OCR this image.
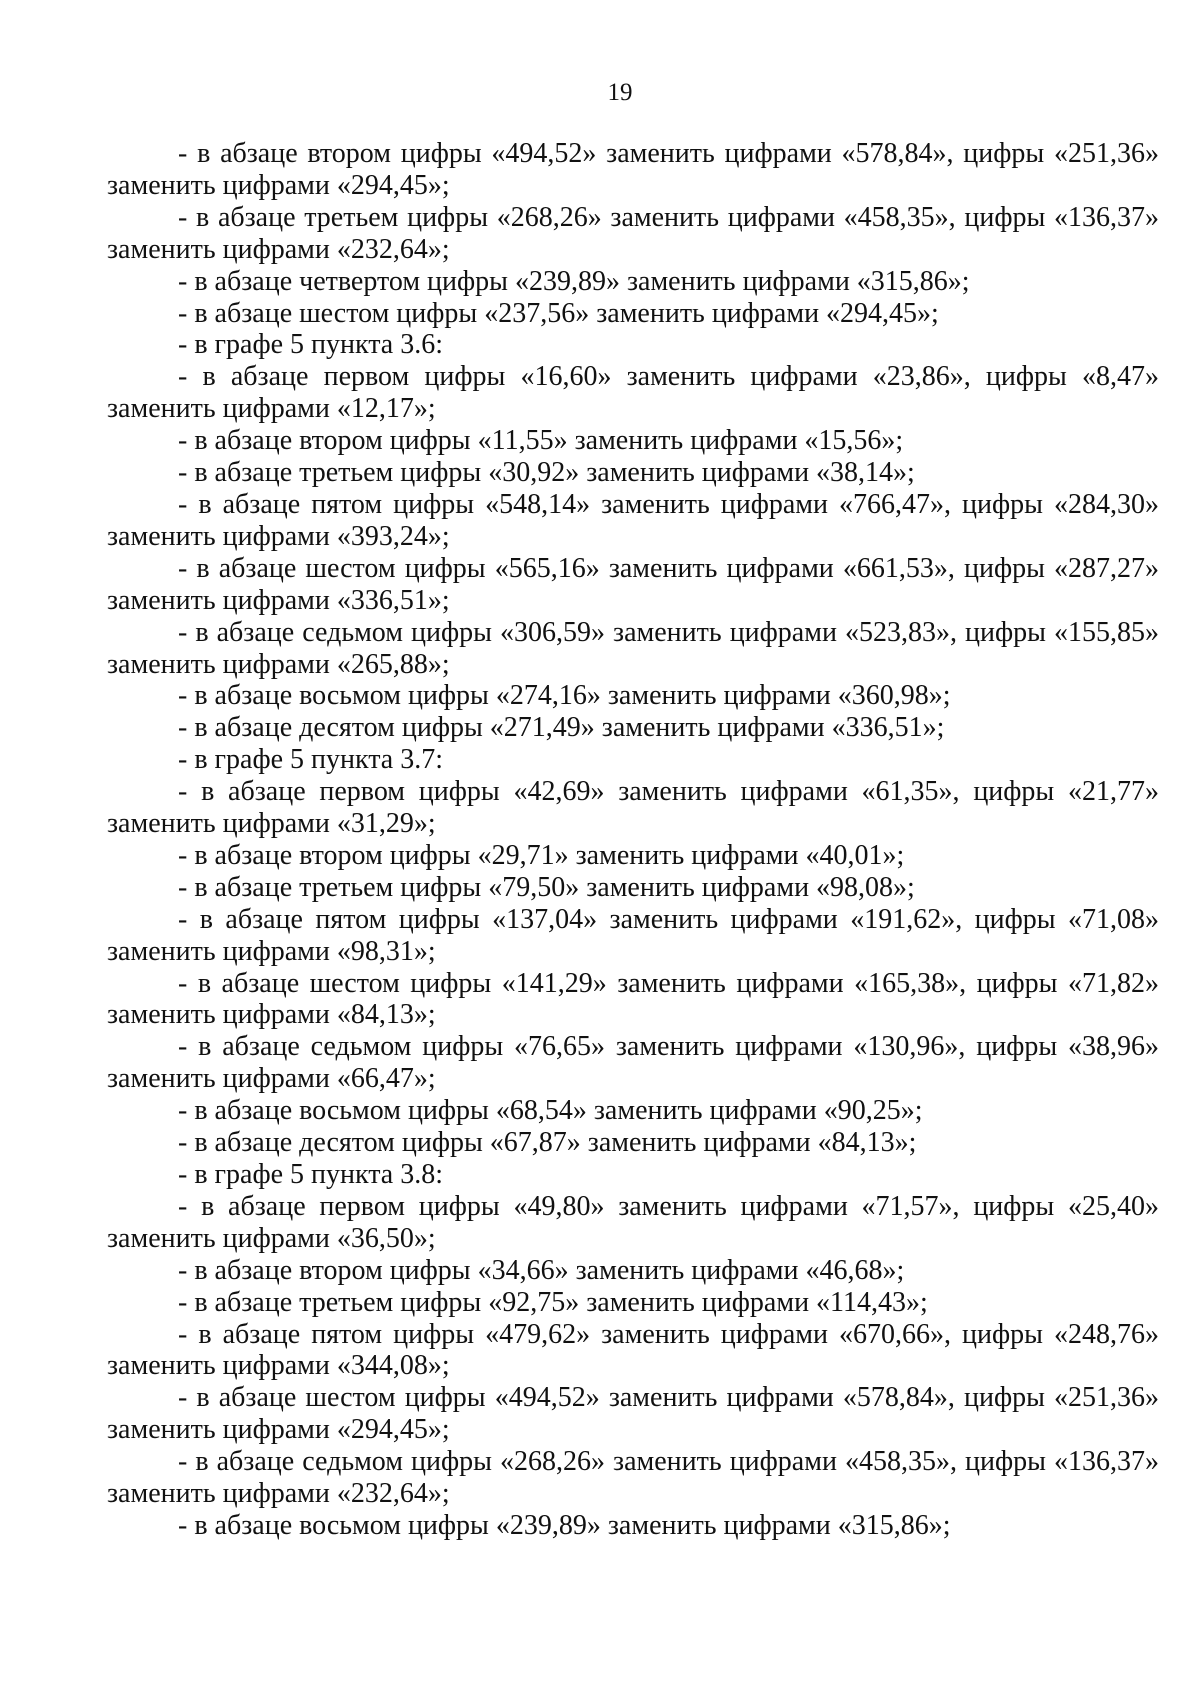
19

- в абзаце втором цифры «494,52» заменить цифрами «578,84», цифры «251,36» заменить цифрами «294,45»;

- в абзаце третьем цифры «268,26» заменить цифрами «458,35», цифры «136,37» заменить цифрами «232,64»;

- в абзаце четвертом цифры «239,89» заменить цифрами «315,86»;

- в абзаце шестом цифры «237,56» заменить цифрами «294,45»;

- в графе 5 пункта 3.6:

- в абзаце первом цифры «16,60» заменить цифрами «23,86», цифры «8,47» заменить цифрами «12,17»;

- в абзаце втором цифры «11,55» заменить цифрами «15,56»;

- в абзаце третьем цифры «30,92» заменить цифрами «38,14»;

- в абзаце пятом цифры «548,14» заменить цифрами «766,47», цифры «284,30» заменить цифрами «393,24»;

- в абзаце шестом цифры «565,16» заменить цифрами «661,53», цифры «287,27» заменить цифрами «336,51»;

- в абзаце седьмом цифры «306,59» заменить цифрами «523,83», цифры «155,85» заменить цифрами «265,88»;

- в абзаце восьмом цифры «274,16» заменить цифрами «360,98»;

- в абзаце десятом цифры «271,49» заменить цифрами «336,51»;

- в графе 5 пункта 3.7:

- в абзаце первом цифры «42,69» заменить цифрами «61,35», цифры «21,77» заменить цифрами «31,29»;

- в абзаце втором цифры «29,71» заменить цифрами «40,01»;

- в абзаце третьем цифры «79,50» заменить цифрами «98,08»;

- в абзаце пятом цифры «137,04» заменить цифрами «191,62», цифры «71,08» заменить цифрами «98,31»;

- в абзаце шестом цифры «141,29» заменить цифрами «165,38», цифры «71,82» заменить цифрами «84,13»;

- в абзаце седьмом цифры «76,65» заменить цифрами «130,96», цифры «38,96» заменить цифрами «66,47»;

- в абзаце восьмом цифры «68,54» заменить цифрами «90,25»;

- в абзаце десятом цифры «67,87» заменить цифрами «84,13»;

- в графе 5 пункта 3.8:

- в абзаце первом цифры «49,80» заменить цифрами «71,57», цифры «25,40» заменить цифрами «36,50»;

- в абзаце втором цифры «34,66» заменить цифрами «46,68»;

- в абзаце третьем цифры «92,75» заменить цифрами «114,43»;

- в абзаце пятом цифры «479,62» заменить цифрами «670,66», цифры «248,76» заменить цифрами «344,08»;

- в абзаце шестом цифры «494,52» заменить цифрами «578,84», цифры «251,36» заменить цифрами «294,45»;

- в абзаце седьмом цифры «268,26» заменить цифрами «458,35», цифры «136,37» заменить цифрами «232,64»;

- в абзаце восьмом цифры «239,89» заменить цифрами «315,86»;
